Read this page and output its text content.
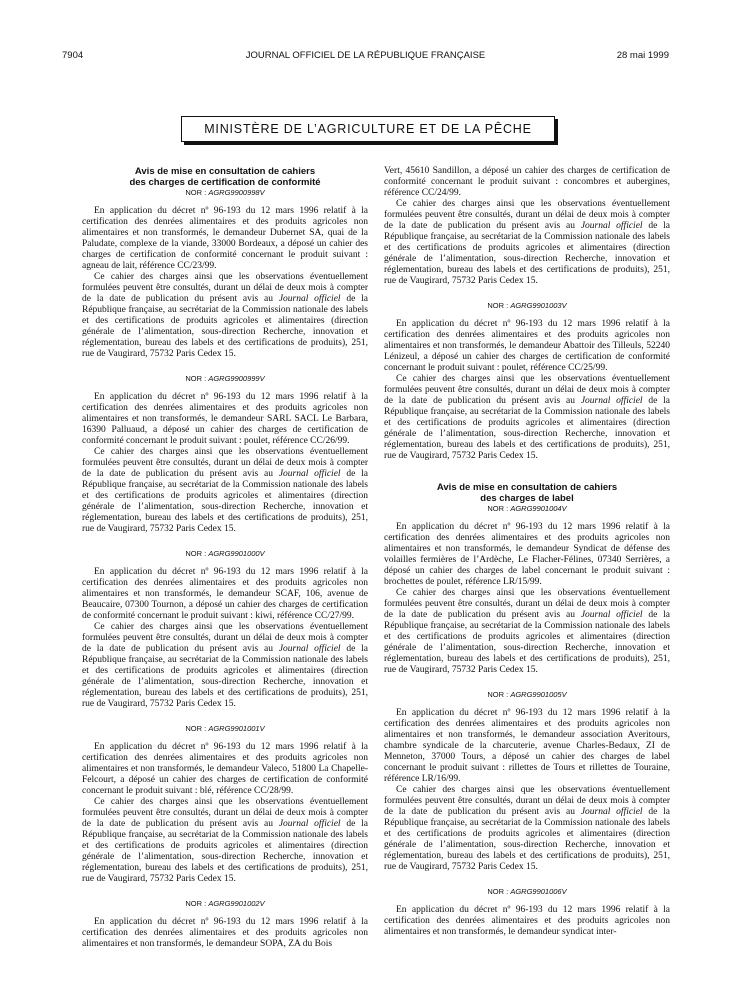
7904	JOURNAL OFFICIEL DE LA RÉPUBLIQUE FRANÇAISE	28 mai 1999
MINISTÈRE DE L’AGRICULTURE ET DE LA PÊCHE
Avis de mise en consultation de cahiers
des charges de certification de conformité
NOR : AGRG9900998V

En application du décret nº 96-193 du 12 mars 1996 relatif à la certification des denrées alimentaires et des produits agricoles non alimentaires et non transformés, le demandeur Dubernet SA, quai de la Paludate, complexe de la viande, 33000 Bordeaux, a déposé un cahier des charges de certification de conformité concernant le produit suivant : agneau de lait, référence CC/23/99.

Ce cahier des charges ainsi que les observations éventuellement formulées peuvent être consultés, durant un délai de deux mois à compter de la date de publication du présent avis au Journal officiel de la République française, au secrétariat de la Commission nationale des labels et des certifications de produits agricoles et alimentaires (direction générale de l’alimentation, sous-direction Recherche, innovation et réglementation, bureau des labels et des certifications de produits), 251, rue de Vaugirard, 75732 Paris Cedex 15.

NOR : AGRG9900999V

En application du décret nº 96-193 du 12 mars 1996 relatif à la certification des denrées alimentaires et des produits agricoles non alimentaires et non transformés, le demandeur SARL SACL Le Barbara, 16390 Palluaud, a déposé un cahier des charges de certification de conformité concernant le produit suivant : poulet, référence CC/26/99.

Ce cahier des charges ainsi que les observations éventuellement formulées peuvent être consultés, durant un délai de deux mois à compter de la date de publication du présent avis au Journal officiel de la République française, au secrétariat de la Commission nationale des labels et des certifications de produits agricoles et alimentaires (direction générale de l’alimentation, sous-direction Recherche, innovation et réglementation, bureau des labels et des certifications de produits), 251, rue de Vaugirard, 75732 Paris Cedex 15.

NOR : AGRG9901000V

En application du décret nº 96-193 du 12 mars 1996 relatif à la certification des denrées alimentaires et des produits agricoles non alimentaires et non transformés, le demandeur SCAF, 106, avenue de Beaucaire, 07300 Tournon, a déposé un cahier des charges de certification de conformité concernant le produit suivant : kiwi, référence CC/27/99.

Ce cahier des charges ainsi que les observations éventuellement formulées peuvent être consultés, durant un délai de deux mois à compter de la date de publication du présent avis au Journal officiel de la République française, au secrétariat de la Commission nationale des labels et des certifications de produits agricoles et alimentaires (direction générale de l’alimentation, sous-direction Recherche, innovation et réglementation, bureau des labels et des certifications de produits), 251, rue de Vaugirard, 75732 Paris Cedex 15.

NOR : AGRG9901001V

En application du décret nº 96-193 du 12 mars 1996 relatif à la certification des denrées alimentaires et des produits agricoles non alimentaires et non transformés, le demandeur Valeco, 51800 La Chapelle-Felcourt, a déposé un cahier des charges de certification de conformité concernant le produit suivant : blé, référence CC/28/99.

Ce cahier des charges ainsi que les observations éventuellement formulées peuvent être consultés, durant un délai de deux mois à compter de la date de publication du présent avis au Journal officiel de la République française, au secrétariat de la Commission nationale des labels et des certifications de produits agricoles et alimentaires (direction générale de l’alimentation, sous-direction Recherche, innovation et réglementation, bureau des labels et des certifications de produits), 251, rue de Vaugirard, 75732 Paris Cedex 15.

NOR : AGRG9901002V

En application du décret nº 96-193 du 12 mars 1996 relatif à la certification des denrées alimentaires et des produits agricoles non alimentaires et non transformés, le demandeur SOPA, ZA du Bois

Vert, 45610 Sandillon, a déposé un cahier des charges de certification de conformité concernant le produit suivant : concombres et aubergines, référence CC/24/99.

Ce cahier des charges ainsi que les observations éventuellement formulées peuvent être consultés, durant un délai de deux mois à compter de la date de publication du présent avis au Journal officiel de la République française, au secrétariat de la Commission nationale des labels et des certifications de produits agricoles et alimentaires (direction générale de l’alimentation, sous-direction Recherche, innovation et réglementation, bureau des labels et des certifications de produits), 251, rue de Vaugirard, 75732 Paris Cedex 15.

NOR : AGRG9901003V

En application du décret nº 96-193 du 12 mars 1996 relatif à la certification des denrées alimentaires et des produits agricoles non alimentaires et non transformés, le demandeur Abattoir des Tilleuls, 52240 Lénizeul, a déposé un cahier des charges de certification de conformité concernant le produit suivant : poulet, référence CC/25/99.

Ce cahier des charges ainsi que les observations éventuellement formulées peuvent être consultés, durant un délai de deux mois à compter de la date de publication du présent avis au Journal officiel de la République française, au secrétariat de la Commission nationale des labels et des certifications de produits agricoles et alimentaires (direction générale de l’alimentation, sous-direction Recherche, innovation et réglementation, bureau des labels et des certifications de produits), 251, rue de Vaugirard, 75732 Paris Cedex 15.

Avis de mise en consultation de cahiers
des charges de label
NOR : AGRG9901004V

En application du décret nº 96-193 du 12 mars 1996 relatif à la certification des denrées alimentaires et des produits agricoles non alimentaires et non transformés, le demandeur Syndicat de défense des volailles fermières de l’Ardèche, Le Flacher-Félines, 07340 Serrières, a déposé un cahier des charges de label concernant le produit suivant : brochettes de poulet, référence LR/15/99.

Ce cahier des charges ainsi que les observations éventuellement formulées peuvent être consultés, durant un délai de deux mois à compter de la date de publication du présent avis au Journal officiel de la République française, au secrétariat de la Commission nationale des labels et des certifications de produits agricoles et alimentaires (direction générale de l’alimentation, sous-direction Recherche, innovation et réglementation, bureau des labels et des certifications de produits), 251, rue de Vaugirard, 75732 Paris Cedex 15.

NOR : AGRG9901005V

En application du décret nº 96-193 du 12 mars 1996 relatif à la certification des denrées alimentaires et des produits agricoles non alimentaires et non transformés, le demandeur association Averitours, chambre syndicale de la charcuterie, avenue Charles-Bedaux, ZI de Menneton, 37000 Tours, a déposé un cahier des charges de label concernant le produit suivant : rillettes de Tours et rillettes de Touraine, référence LR/16/99.

Ce cahier des charges ainsi que les observations éventuellement formulées peuvent être consultés, durant un délai de deux mois à compter de la date de publication du présent avis au Journal officiel de la République française, au secrétariat de la Commission nationale des labels et des certifications de produits agricoles et alimentaires (direction générale de l’alimentation, sous-direction Recherche, innovation et réglementation, bureau des labels et des certifications de produits), 251, rue de Vaugirard, 75732 Paris Cedex 15.

NOR : AGRG9901006V

En application du décret nº 96-193 du 12 mars 1996 relatif à la certification des denrées alimentaires et des produits agricoles non alimentaires et non transformés, le demandeur syndicat inter-
